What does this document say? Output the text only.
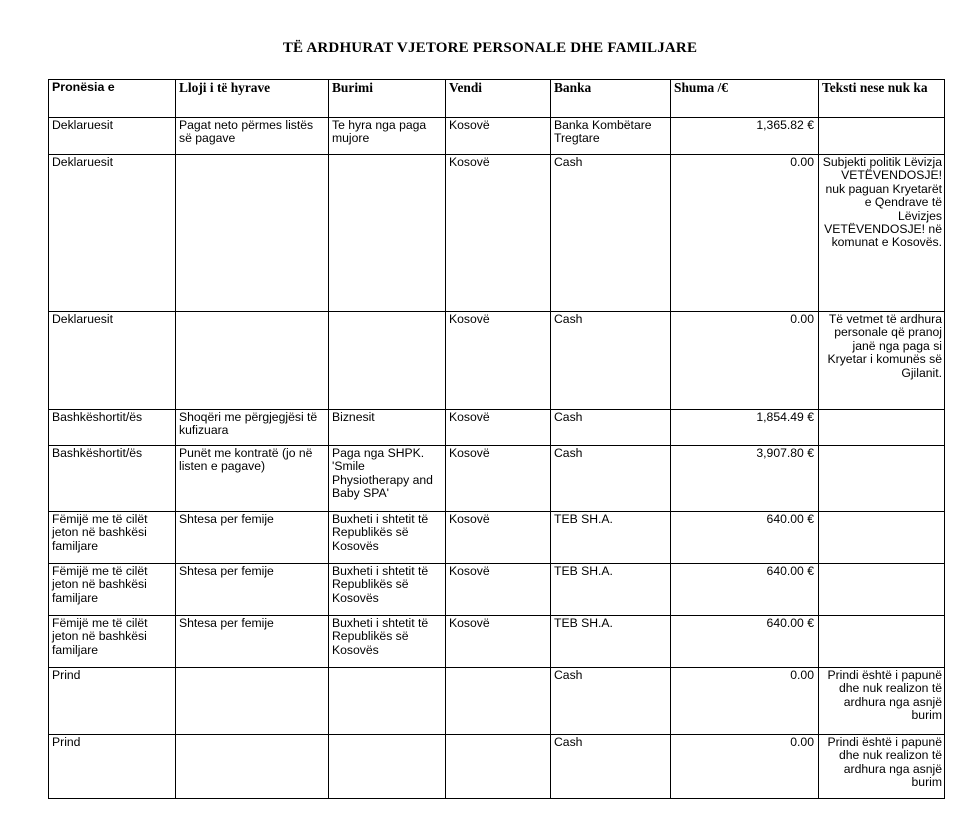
TË ARDHURAT VJETORE PERSONALE DHE FAMILJARE
Pronësia e	Lloji i të hyrave	Burimi	Vendi	Banka	Shuma /€	Teksti nese nuk ka
Deklaruesit	Pagat neto përmes listës së pagave	Te hyra nga paga mujore	Kosovë	Banka Kombëtare Tregtare	1,365.82 €	
Deklaruesit			Kosovë	Cash	0.00	Subjekti politik Lëvizja VETËVENDOSJE! nuk paguan Kryetarët e Qendrave të Lëvizjes VETËVENDOSJE! në komunat e Kosovës.
Deklaruesit			Kosovë	Cash	0.00	Të vetmet të ardhura personale që pranoj janë nga paga si Kryetar i komunës së Gjilanit.
Bashkëshortit/ës	Shoqëri me përgjegjësi të kufizuara	Biznesit	Kosovë	Cash	1,854.49 €	
Bashkëshortit/ës	Punët me kontratë (jo në listen e pagave)	Paga nga SHPK. 'Smile Physiotherapy and Baby SPA'	Kosovë	Cash	3,907.80 €	
Fëmijë me të cilët jeton në bashkësi familjare	Shtesa per femije	Buxheti i shtetit të Republikës së Kosovës	Kosovë	TEB SH.A.	640.00 €	
Fëmijë me të cilët jeton në bashkësi familjare	Shtesa per femije	Buxheti i shtetit të Republikës së Kosovës	Kosovë	TEB SH.A.	640.00 €	
Fëmijë me të cilët jeton në bashkësi familjare	Shtesa per femije	Buxheti i shtetit të Republikës së Kosovës	Kosovë	TEB SH.A.	640.00 €	
Prind				Cash	0.00	Prindi është i papunë dhe nuk realizon të ardhura nga asnjë burim
Prind				Cash	0.00	Prindi është i papunë dhe nuk realizon të ardhura nga asnjë burim
